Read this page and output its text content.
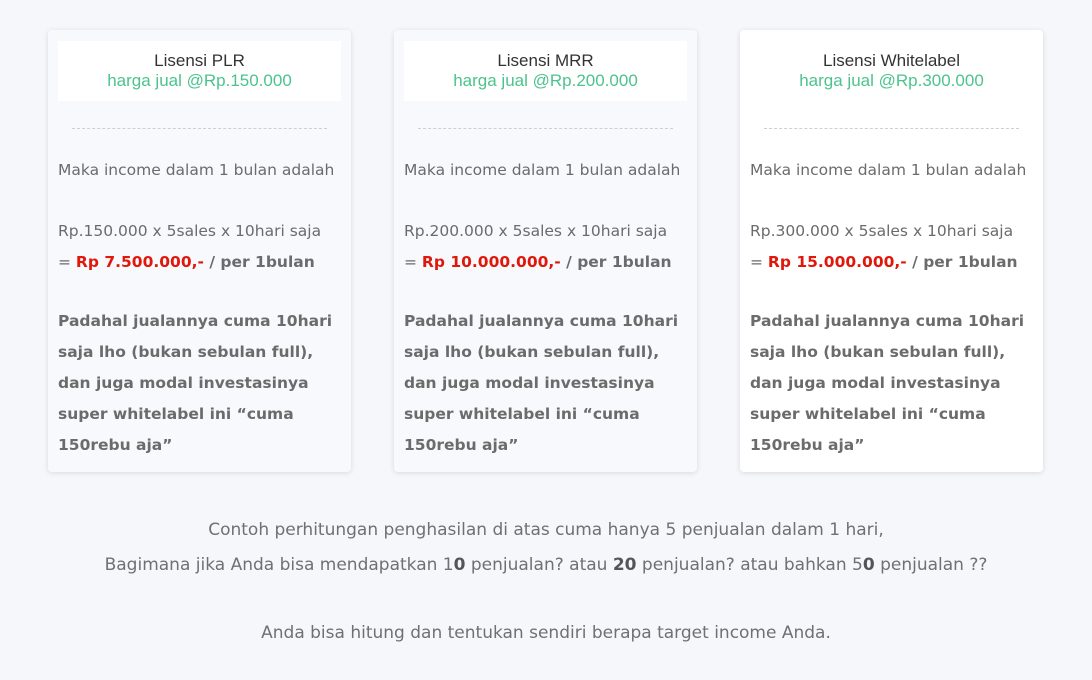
Lisensi PLR
harga jual @Rp.150.000
Maka income dalam 1 bulan adalah
Rp.150.000 x 5sales x 10hari saja
= Rp 7.500.000,- / per 1bulan
Padahal jualannya cuma 10hari saja lho (bukan sebulan full), dan juga modal investasinya super whitelabel ini “cuma 150rebu aja”
Lisensi MRR
harga jual @Rp.200.000
Maka income dalam 1 bulan adalah
Rp.200.000 x 5sales x 10hari saja
= Rp 10.000.000,- / per 1bulan
Padahal jualannya cuma 10hari saja lho (bukan sebulan full), dan juga modal investasinya super whitelabel ini “cuma 150rebu aja”
Lisensi Whitelabel
harga jual @Rp.300.000
Maka income dalam 1 bulan adalah
Rp.300.000 x 5sales x 10hari saja
= Rp 15.000.000,- / per 1bulan
Padahal jualannya cuma 10hari saja lho (bukan sebulan full), dan juga modal investasinya super whitelabel ini “cuma 150rebu aja”
Contoh perhitungan penghasilan di atas cuma hanya 5 penjualan dalam 1 hari,
Bagimana jika Anda bisa mendapatkan 10 penjualan? atau 20 penjualan? atau bahkan 50 penjualan ??
Anda bisa hitung dan tentukan sendiri berapa target income Anda.
